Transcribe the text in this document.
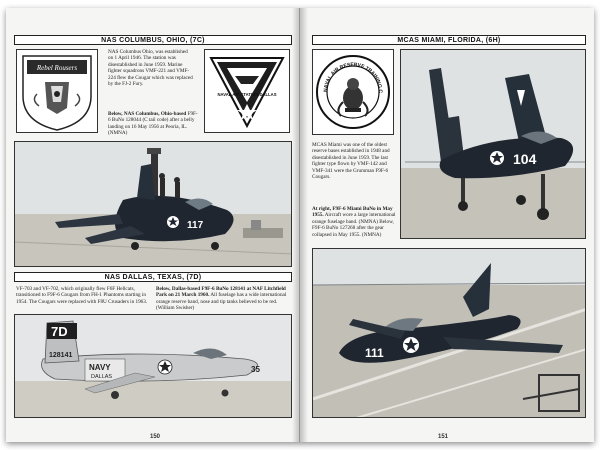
NAS COLUMBUS, OHIO, (7C)
Rebel Rousers
NAS Columbus Ohio, was established on 1 April 1946. The station was disestablished in June 1959. Marine fighter squadrons VMF-221 and VMF-224 flew the Cougar which was replaced by the FJ-2 Fury.
NAVAL AIR STATION DALLAS
Below, NAS Columbus, Ohio-based F9F-6 BuNo 128044 (C tail code) after a belly landing on 16 May 1956 at Peoria, IL. (NMNA)
117
NAS DALLAS, TEXAS, (7D)
VF-703 and VF-702, which originally flew F6F Hellcats, transitioned to F9F-6 Cougars from FH-1 Phantoms starting in 1954. The Cougars were replaced with F8U Crusaders in 1963.
Below, Dallas-based F9F-6 BuNo 128141 at NAF Litchfield Park on 21 March 1960. All fuselage has a wide international orange reserve band, nose and tip tanks believed to be red. (William Swisher)
7D
128141
NAVY
DALLAS
35
150
MCAS MIAMI, FLORIDA, (6H)
NAVAL AIR RESERVE TRAINING C
104
MCAS Miami was one of the oldest reserve bases established in 1948 and disestablished in June 1959. The last fighter type flown by VMF-142 and VMF-341 were the Grumman F9F-6 Cougars.
At right, F9F-6 Miami BuNo in May 1955. Aircraft wore a large international orange fuselage band. (NMNA) Below, F9F-6 BuNo 127268 after the gear collapsed in May 1955. (NMNA)
111
151
